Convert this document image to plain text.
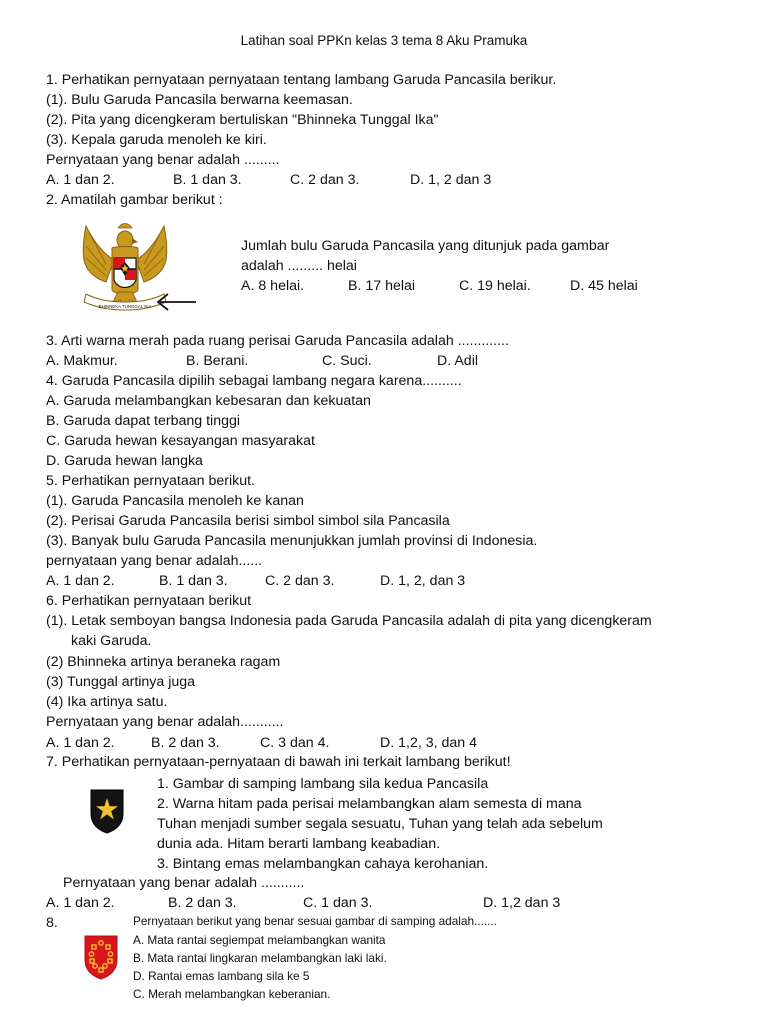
Latihan soal PPKn kelas 3 tema 8 Aku Pramuka
1. Perhatikan pernyataan pernyataan tentang lambang Garuda Pancasila berikur.
(1). Bulu Garuda Pancasila berwarna keemasan.
(2). Pita yang dicengkeram bertuliskan "Bhinneka Tunggal Ika"
(3). Kepala garuda menoleh ke kiri.
Pernyataan yang benar adalah .........
A. 1 dan 2.	B. 1 dan 3.	C. 2 dan 3.	D. 1, 2 dan 3
2. Amatilah gambar berikut :
BHINNEKA TUNGGAL IKA
Jumlah bulu Garuda Pancasila yang ditunjuk pada gambar
adalah ......... helai
A. 8 helai.	B. 17 helai	C. 19 helai.	D. 45 helai
3. Arti warna merah pada ruang perisai Garuda Pancasila adalah .............
A. Makmur.	B. Berani.	C. Suci.	D. Adil
4. Garuda Pancasila dipilih sebagai lambang negara karena..........
A. Garuda melambangkan kebesaran dan kekuatan
B. Garuda dapat terbang tinggi
C. Garuda hewan kesayangan masyarakat
D. Garuda hewan langka
5. Perhatikan pernyataan berikut.
(1). Garuda Pancasila menoleh ke kanan
(2). Perisai Garuda Pancasila berisi simbol simbol sila Pancasila
(3). Banyak bulu Garuda Pancasila menunjukkan jumlah provinsi di Indonesia.
pernyataan yang benar adalah......
A. 1 dan 2.	B. 1 dan 3.	C. 2 dan 3.	D. 1, 2, dan 3
6. Perhatikan pernyataan berikut
(1). Letak semboyan bangsa Indonesia pada Garuda Pancasila adalah di pita yang dicengkeram
kaki Garuda.
(2) Bhinneka artinya beraneka ragam
(3) Tunggal artinya juga
(4) Ika artinya satu.
Pernyataan yang benar adalah...........
A. 1 dan 2.	B. 2 dan 3.	C. 3 dan 4.	D. 1,2, 3, dan 4
7. Perhatikan pernyataan-pernyataan di bawah ini terkait lambang berikut!
1. Gambar di samping lambang sila kedua Pancasila
2. Warna hitam pada perisai melambangkan alam semesta di mana
Tuhan menjadi sumber segala sesuatu, Tuhan yang telah ada sebelum
dunia ada. Hitam berarti lambang keabadian.
3. Bintang emas melambangkan cahaya kerohanian.
Pernyataan yang benar adalah ...........
A. 1 dan 2.	B. 2 dan 3.	C. 1 dan 3.	D. 1,2 dan 3
8.	Pernyataan berikut yang benar sesuai gambar di samping adalah.......
A. Mata rantai segiempat melambangkan wanita
B. Mata rantai lingkaran melambangkan laki laki.
D. Rantai emas lambang sila ke 5
C. Merah melambangkan keberanian.
